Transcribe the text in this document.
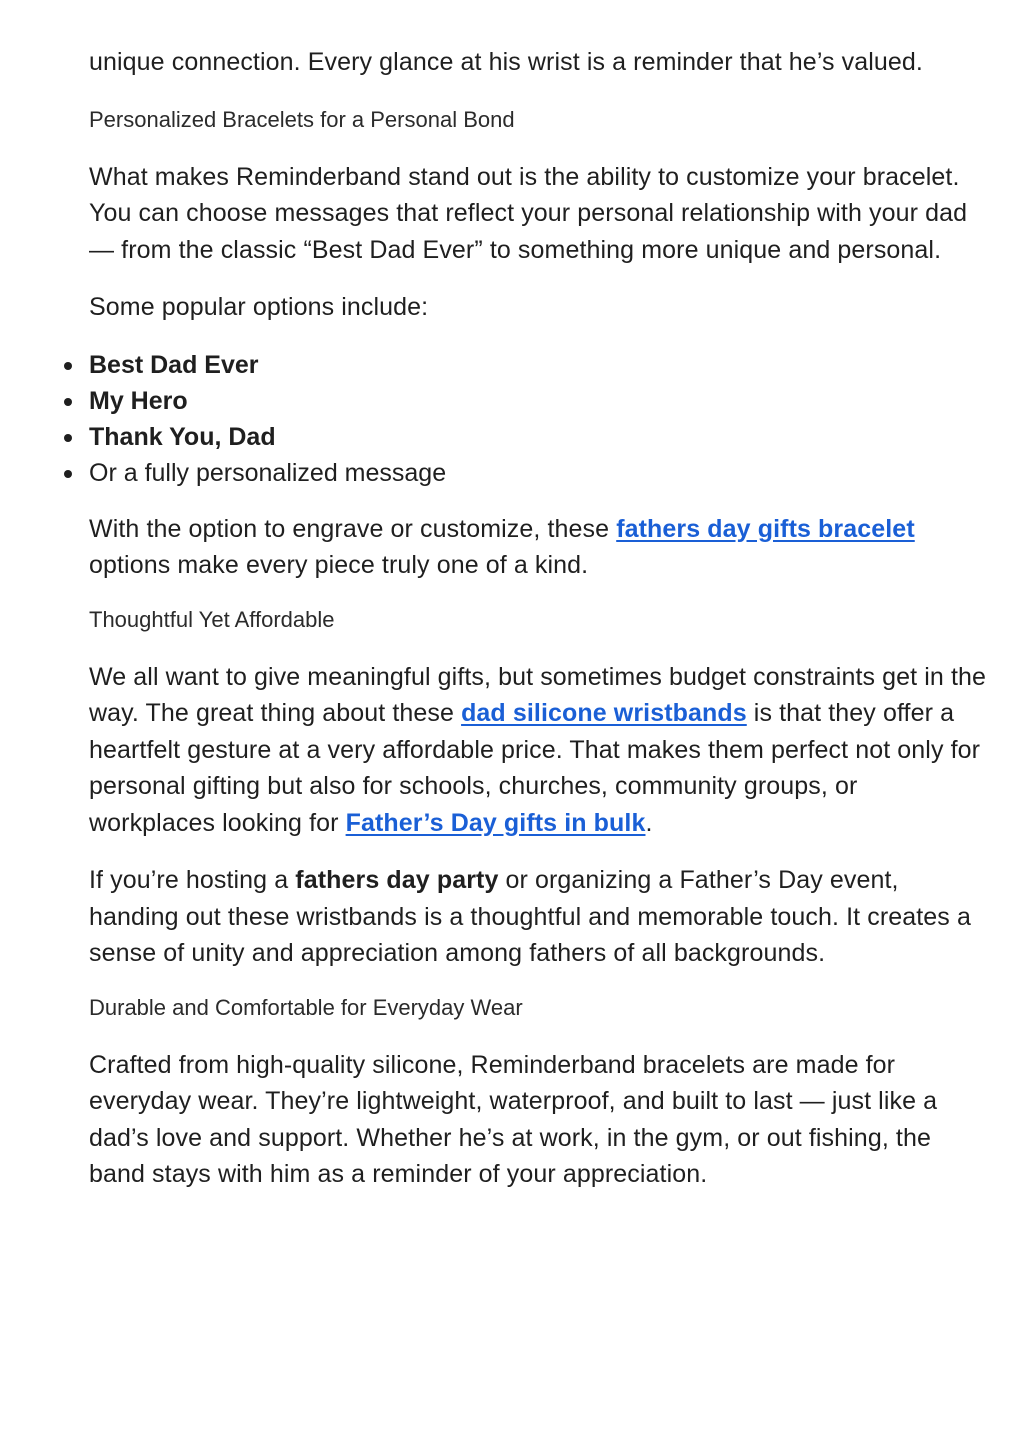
unique connection. Every glance at his wrist is a reminder that he’s valued.

Personalized Bracelets for a Personal Bond

What makes Reminderband stand out is the ability to customize your bracelet. You can choose messages that reflect your personal relationship with your dad — from the classic “Best Dad Ever” to something more unique and personal.

Some popular options include:

Best Dad Ever
My Hero
Thank You, Dad
Or a fully personalized message

With the option to engrave or customize, these fathers day gifts bracelet options make every piece truly one of a kind.

Thoughtful Yet Affordable

We all want to give meaningful gifts, but sometimes budget constraints get in the way. The great thing about these dad silicone wristbands is that they offer a heartfelt gesture at a very affordable price. That makes them perfect not only for personal gifting but also for schools, churches, community groups, or workplaces looking for Father’s Day gifts in bulk.

If you’re hosting a fathers day party or organizing a Father’s Day event, handing out these wristbands is a thoughtful and memorable touch. It creates a sense of unity and appreciation among fathers of all backgrounds.

Durable and Comfortable for Everyday Wear

Crafted from high-quality silicone, Reminderband bracelets are made for everyday wear. They’re lightweight, waterproof, and built to last — just like a dad’s love and support. Whether he’s at work, in the gym, or out fishing, the band stays with him as a reminder of your appreciation.
